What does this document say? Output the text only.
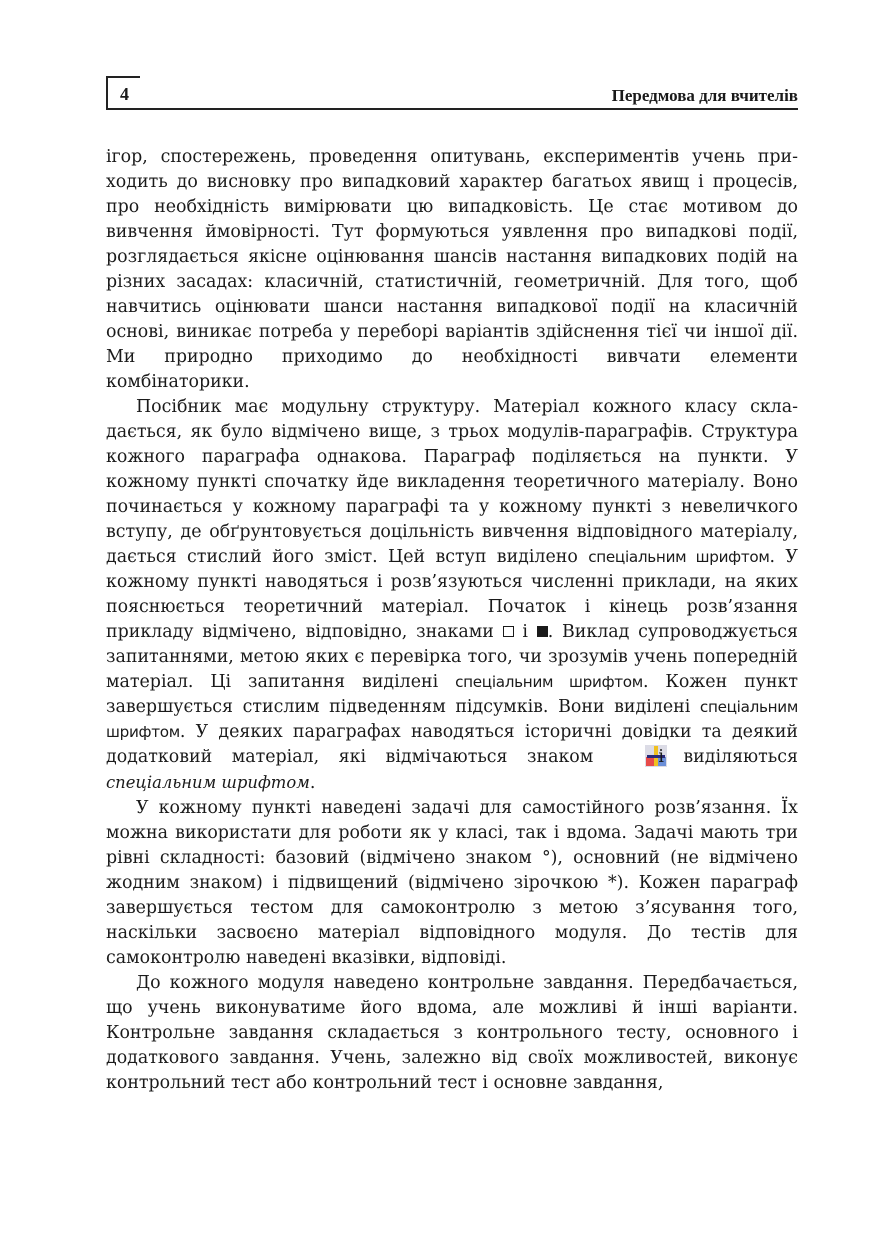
4	Передмова для вчителів

ігор, спостережень, проведення опитувань, експериментів учень приходить до висновку про випадковий характер багатьох явищ і процесів, про необхідність вимірювати цю випадковість. Це стає мотивом до вивчення ймовірності. Тут формуються уявлення про випадкові події, розглядається якісне оцінювання шансів настання випадкових подій на різних засадах: класичній, статистичній, геометричній. Для того, щоб навчитись оцінювати шанси настання випадкової події на класичній основі, виникає потреба у переборі варіантів здійснення тієї чи іншої дії. Ми природно приходимо до необхідності вивчати елементи комбінаторики.

Посібник має модульну структуру. Матеріал кожного класу складається, як було відмічено вище, з трьох модулів-параграфів. Структура кожного параграфа однакова. Параграф поділяється на пункти. У кожному пункті спочатку йде викладення теоретичного матеріалу. Воно починається у кожному параграфі та у кожному пункті з невеличкого вступу, де обґрунтовується доцільність вивчення відповідного матеріалу, дається стислий його зміст. Цей вступ виділено спеціальним шрифтом. У кожному пункті наводяться і розв’язуються численні приклади, на яких пояснюється теоретичний матеріал. Початок і кінець розв’язання прикладу відмічено, відповідно, знаками  і . Виклад супроводжується запитаннями, метою яких є перевірка того, чи зрозумів учень попередній матеріал. Ці запитання виділені спеціальним шрифтом. Кожен пункт завершується стислим підведенням підсумків. Вони виділені спеціальним шрифтом. У деяких параграфах наводяться історичні довідки та деякий додатковий матеріал, які відмічаються знаком  і виділяються спеціальним шрифтом.

У кожному пункті наведені задачі для самостійного розв’язання. Їх можна використати для роботи як у класі, так і вдома. Задачі мають три рівні складності: базовий (відмічено знаком °), основний (не відмічено жодним знаком) і підвищений (відмічено зірочкою *). Кожен параграф завершується тестом для самоконтролю з метою з’ясування того, наскільки засвоєно матеріал відповідного модуля. До тестів для самоконтролю наведені вказівки, відповіді.

До кожного модуля наведено контрольне завдання. Передбачається, що учень виконуватиме його вдома, але можливі й інші варіанти. Контрольне завдання складається з контрольного тесту, основного і додаткового завдання. Учень, залежно від своїх можливостей, виконує контрольний тест або контрольний тест і основне завдання,
